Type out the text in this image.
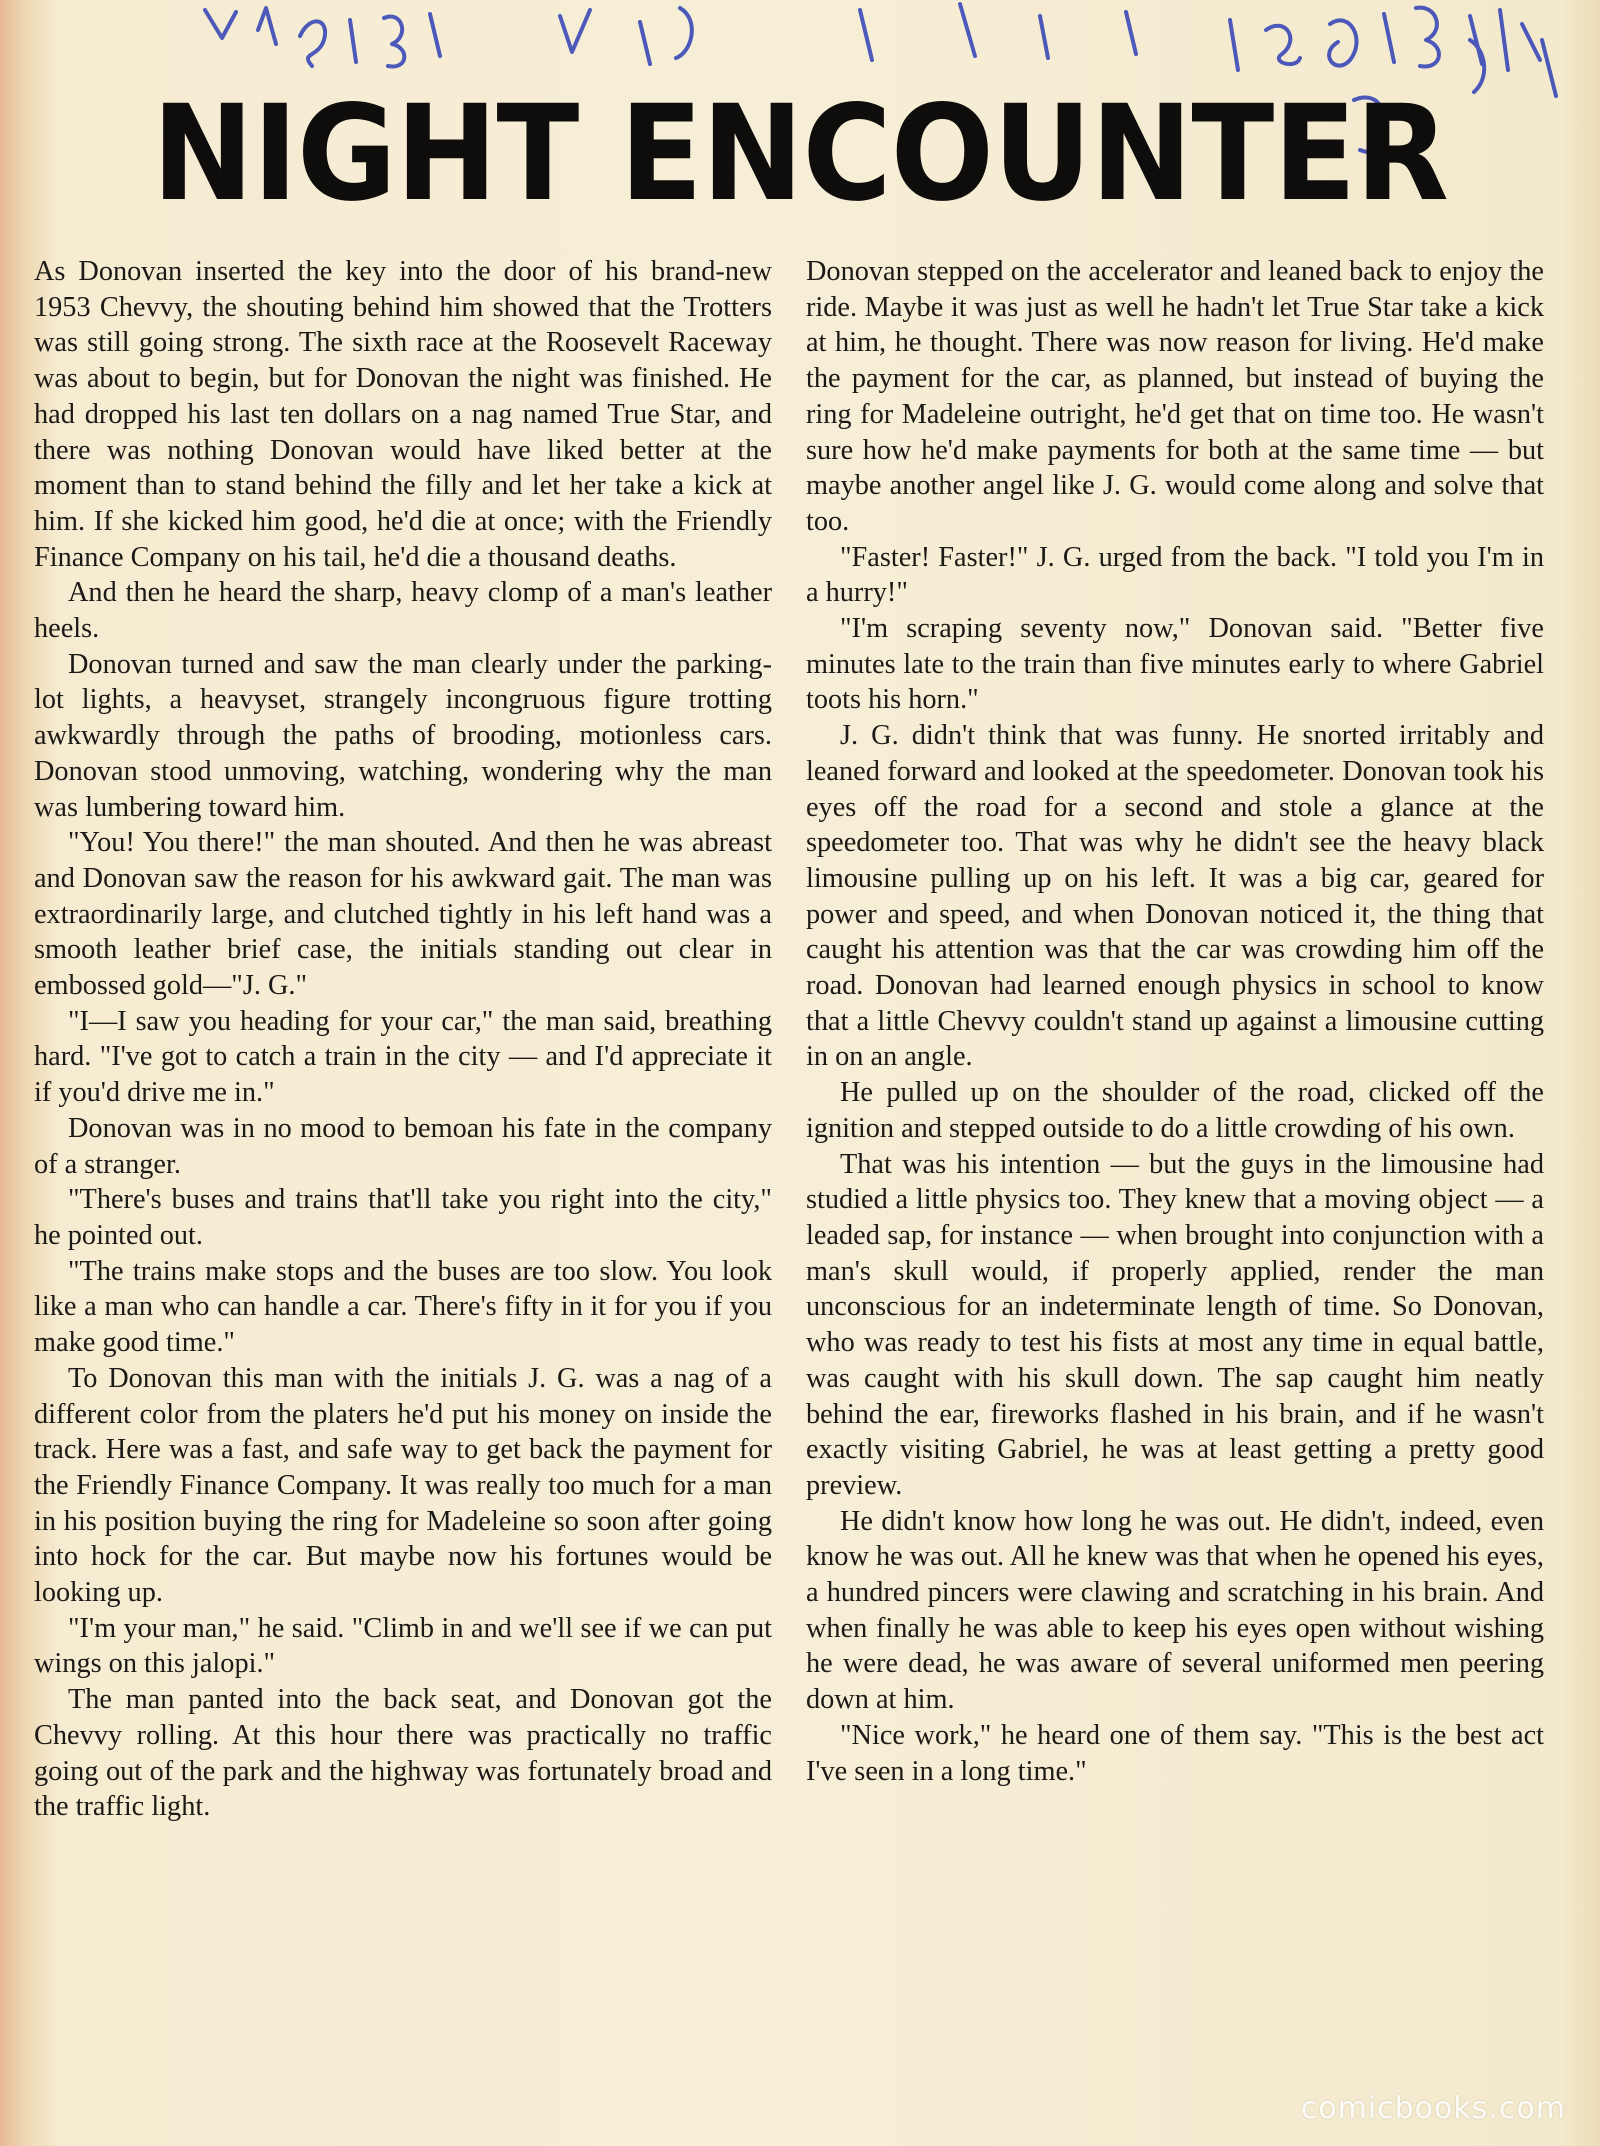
NIGHT ENCOUNTER

As Donovan inserted the key into the door of his brand-new 1953 Chevvy, the shouting behind him showed that the Trotters was still going strong. The sixth race at the Roosevelt Raceway was about to begin, but for Donovan the night was finished. He had dropped his last ten dollars on a nag named True Star, and there was nothing Donovan would have liked better at the moment than to stand behind the filly and let her take a kick at him. If she kicked him good, he'd die at once; with the Friendly Finance Company on his tail, he'd die a thousand deaths.

And then he heard the sharp, heavy clomp of a man's leather heels.

Donovan turned and saw the man clearly under the parking-lot lights, a heavyset, strangely incongruous figure trotting awkwardly through the paths of brooding, motionless cars. Donovan stood unmoving, watching, wondering why the man was lumbering toward him.

"You! You there!" the man shouted. And then he was abreast and Donovan saw the reason for his awkward gait. The man was extraordinarily large, and clutched tightly in his left hand was a smooth leather brief case, the initials standing out clear in embossed gold—"J. G."

"I—I saw you heading for your car," the man said, breathing hard. "I've got to catch a train in the city — and I'd appreciate it if you'd drive me in."

Donovan was in no mood to bemoan his fate in the company of a stranger.

"There's buses and trains that'll take you right into the city," he pointed out.

"The trains make stops and the buses are too slow. You look like a man who can handle a car. There's fifty in it for you if you make good time."

To Donovan this man with the initials J. G. was a nag of a different color from the platers he'd put his money on inside the track. Here was a fast, and safe way to get back the payment for the Friendly Finance Company. It was really too much for a man in his position buying the ring for Madeleine so soon after going into hock for the car. But maybe now his fortunes would be looking up.

"I'm your man," he said. "Climb in and we'll see if we can put wings on this jalopi."

The man panted into the back seat, and Donovan got the Chevvy rolling. At this hour there was practically no traffic going out of the park and the highway was fortunately broad and the traffic light.

Donovan stepped on the accelerator and leaned back to enjoy the ride. Maybe it was just as well he hadn't let True Star take a kick at him, he thought. There was now reason for living. He'd make the payment for the car, as planned, but instead of buying the ring for Madeleine outright, he'd get that on time too. He wasn't sure how he'd make payments for both at the same time — but maybe another angel like J. G. would come along and solve that too.

"Faster! Faster!" J. G. urged from the back. "I told you I'm in a hurry!"

"I'm scraping seventy now," Donovan said. "Better five minutes late to the train than five minutes early to where Gabriel toots his horn."

J. G. didn't think that was funny. He snorted irritably and leaned forward and looked at the speedometer. Donovan took his eyes off the road for a second and stole a glance at the speedometer too. That was why he didn't see the heavy black limousine pulling up on his left. It was a big car, geared for power and speed, and when Donovan noticed it, the thing that caught his attention was that the car was crowding him off the road. Donovan had learned enough physics in school to know that a little Chevvy couldn't stand up against a limousine cutting in on an angle.

He pulled up on the shoulder of the road, clicked off the ignition and stepped outside to do a little crowding of his own.

That was his intention — but the guys in the limousine had studied a little physics too. They knew that a moving object — a leaded sap, for instance — when brought into conjunction with a man's skull would, if properly applied, render the man unconscious for an indeterminate length of time. So Donovan, who was ready to test his fists at most any time in equal battle, was caught with his skull down. The sap caught him neatly behind the ear, fireworks flashed in his brain, and if he wasn't exactly visiting Gabriel, he was at least getting a pretty good preview.

He didn't know how long he was out. He didn't, indeed, even know he was out. All he knew was that when he opened his eyes, a hundred pincers were clawing and scratching in his brain. And when finally he was able to keep his eyes open without wishing he were dead, he was aware of several uniformed men peering down at him.

"Nice work," he heard one of them say. "This is the best act I've seen in a long time."

comicbooks.com
